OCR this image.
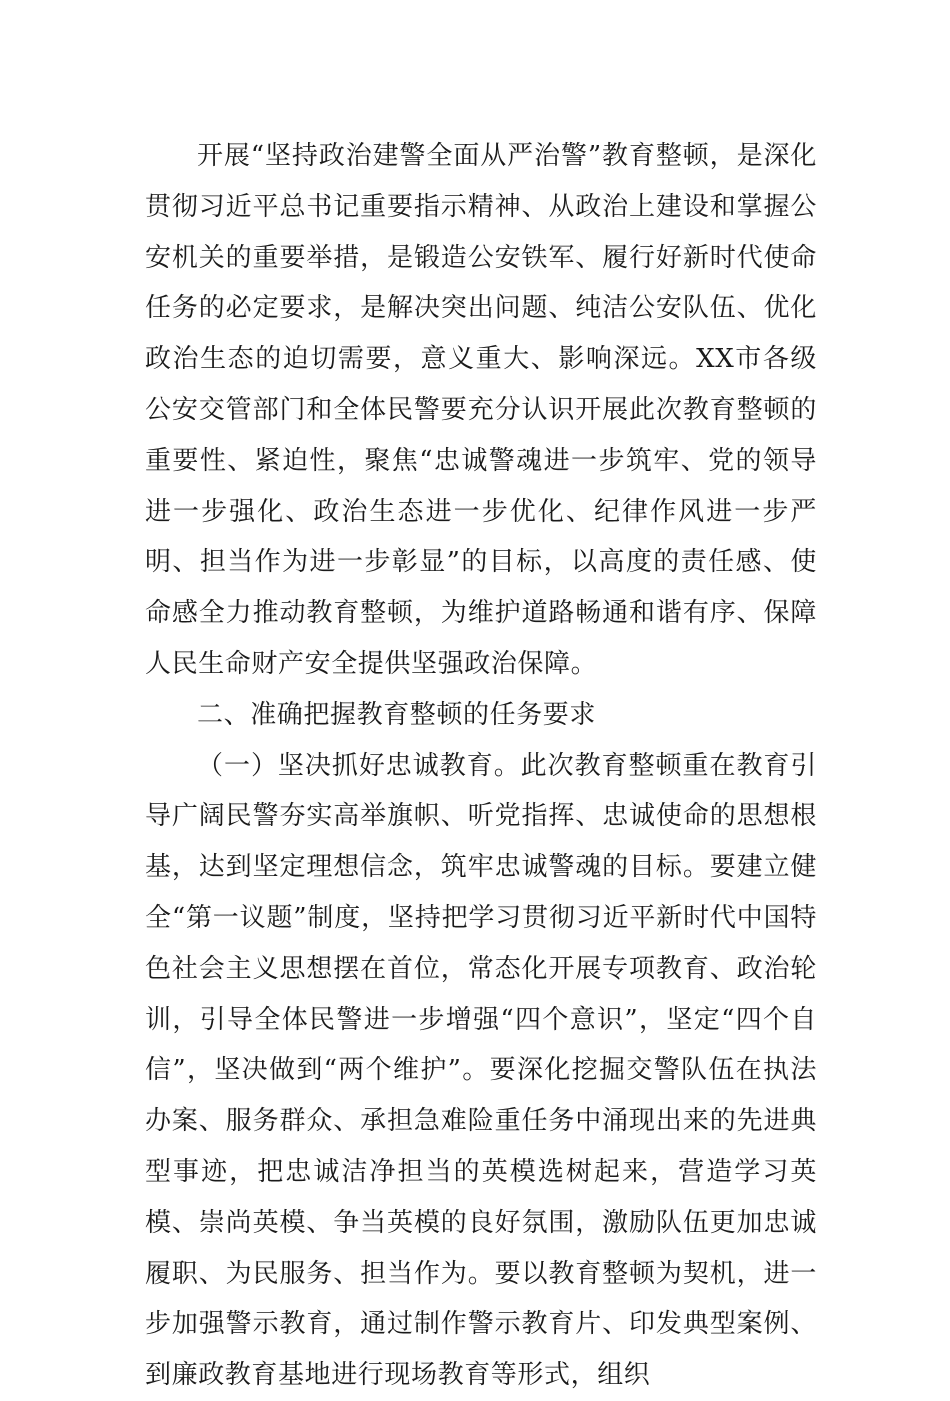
开展“坚持政治建警全面从严治警”教育整顿，是深化贯彻习近平总书记重要指示精神、从政治上建设和掌握公安机关的重要举措，是锻造公安铁军、履行好新时代使命任务的必定要求，是解决突出问题、纯洁公安队伍、优化政治生态的迫切需要，意义重大、影响深远。XX市各级公安交管部门和全体民警要充分认识开展此次教育整顿的重要性、紧迫性，聚焦“忠诚警魂进一步筑牢、党的领导进一步强化、政治生态进一步优化、纪律作风进一步严明、担当作为进一步彰显”的目标，以高度的责任感、使命感全力推动教育整顿，为维护道路畅通和谐有序、保障人民生命财产安全提供坚强政治保障。

二、准确把握教育整顿的任务要求

（一）坚决抓好忠诚教育。此次教育整顿重在教育引导广阔民警夯实高举旗帜、听党指挥、忠诚使命的思想根基，达到坚定理想信念，筑牢忠诚警魂的目标。要建立健全“第一议题”制度，坚持把学习贯彻习近平新时代中国特色社会主义思想摆在首位，常态化开展专项教育、政治轮训，引导全体民警进一步增强“四个意识”，坚定“四个自信”，坚决做到“两个维护”。要深化挖掘交警队伍在执法办案、服务群众、承担急难险重任务中涌现出来的先进典型事迹，把忠诚洁净担当的英模选树起来，营造学习英模、崇尚英模、争当英模的良好氛围，激励队伍更加忠诚履职、为民服务、担当作为。要以教育整顿为契机，进一步加强警示教育，通过制作警示教育片、印发典型案例、到廉政教育基地进行现场教育等形式，组织
